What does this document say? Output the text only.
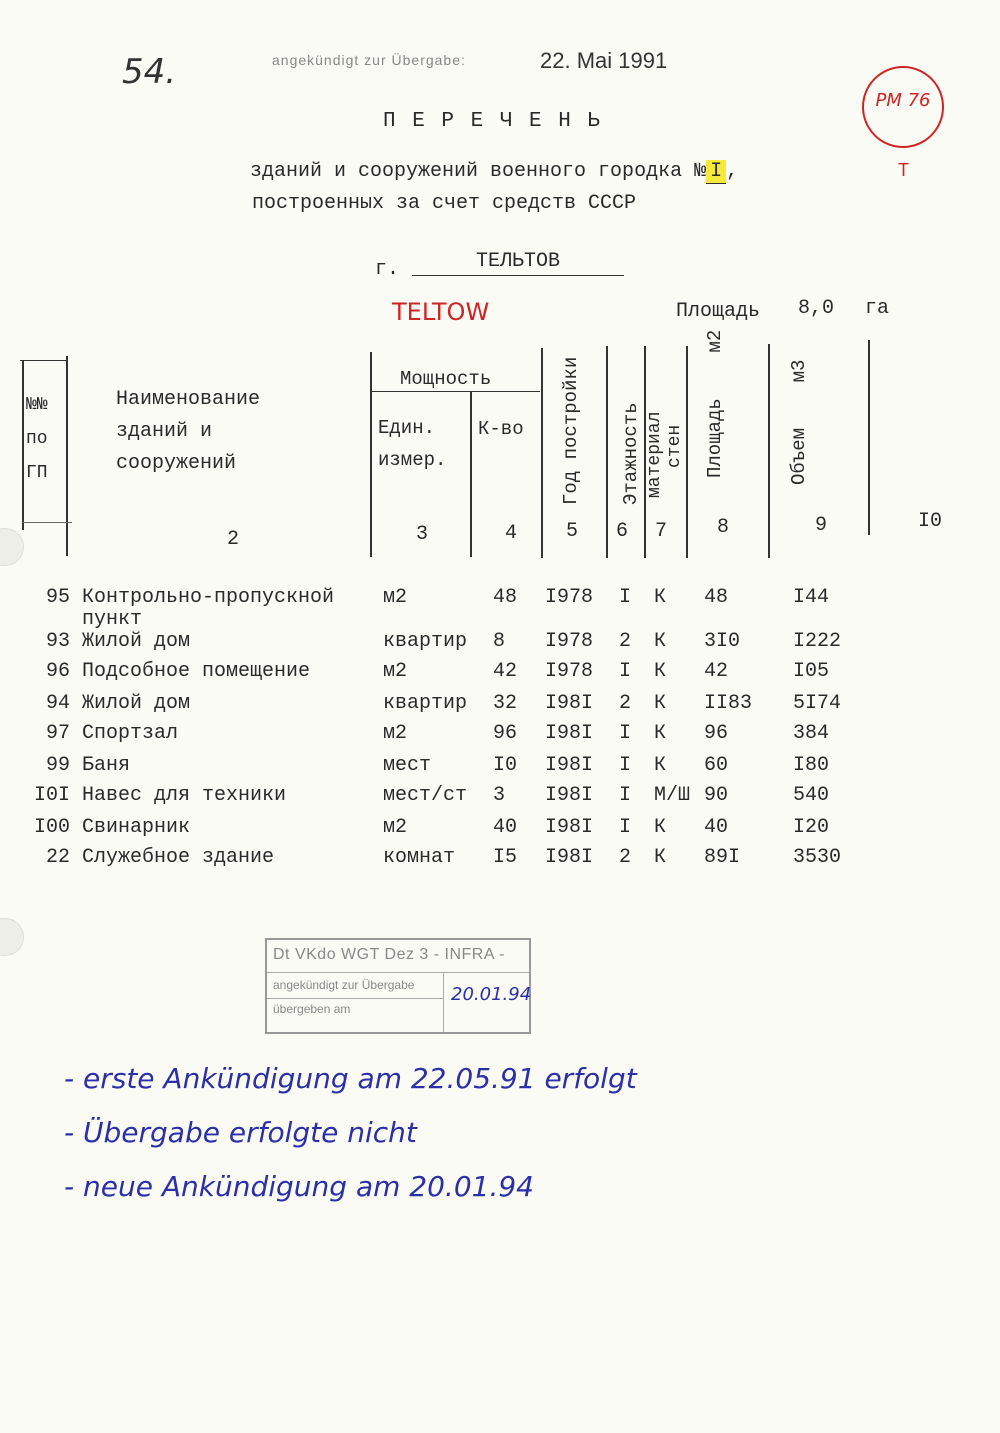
54.	angekündigt zur Übergabe:	22. Mai 1991
PM 76
T
П Е Р Е Ч Е Н Ь
зданий и сооружений военного городка № I ,
построенных за счет средств СССР
г.	ТЕЛЬТОВ
TELTOW	Площадь 8,0 га
№№
по
ГП
Наименование
зданий и
сооружений
Мощность
Един.
измер.
К-во Год постройки Этажность материал стен Площадь    м2
Объем    м3
2	3	4 5 6 7 8	9	I0
95 Контрольно-пропускной м2	48 I978 I К 48	I44
пункт
93 Жилой дом	квартир 8 I978 2 К 3I0	I222
96 Подсобное помещение	м2	42 I978 I К 42	I05
94 Жилой дом	квартир 32 I98I 2 К II83 5I74
97 Спортзал	м2	96 I98I I К 96	384
99 Баня	мест	I0 I98I I К 60	I80
I0I Навес для техники	мест/ст 3 I98I I М/Ш 90	540
I00 Свинарник	м2	40 I98I I К 40	I20
22 Служебное здание	комнат I5 I98I 2 К 89I	3530
Dt VKdo WGT Dez 3 - INFRA -
angekündigt zur Übergabe 20.01.94
übergeben am
- erste Ankündigung am 22.05.91 erfolgt
- Übergabe erfolgte nicht
- neue Ankündigung am 20.01.94
